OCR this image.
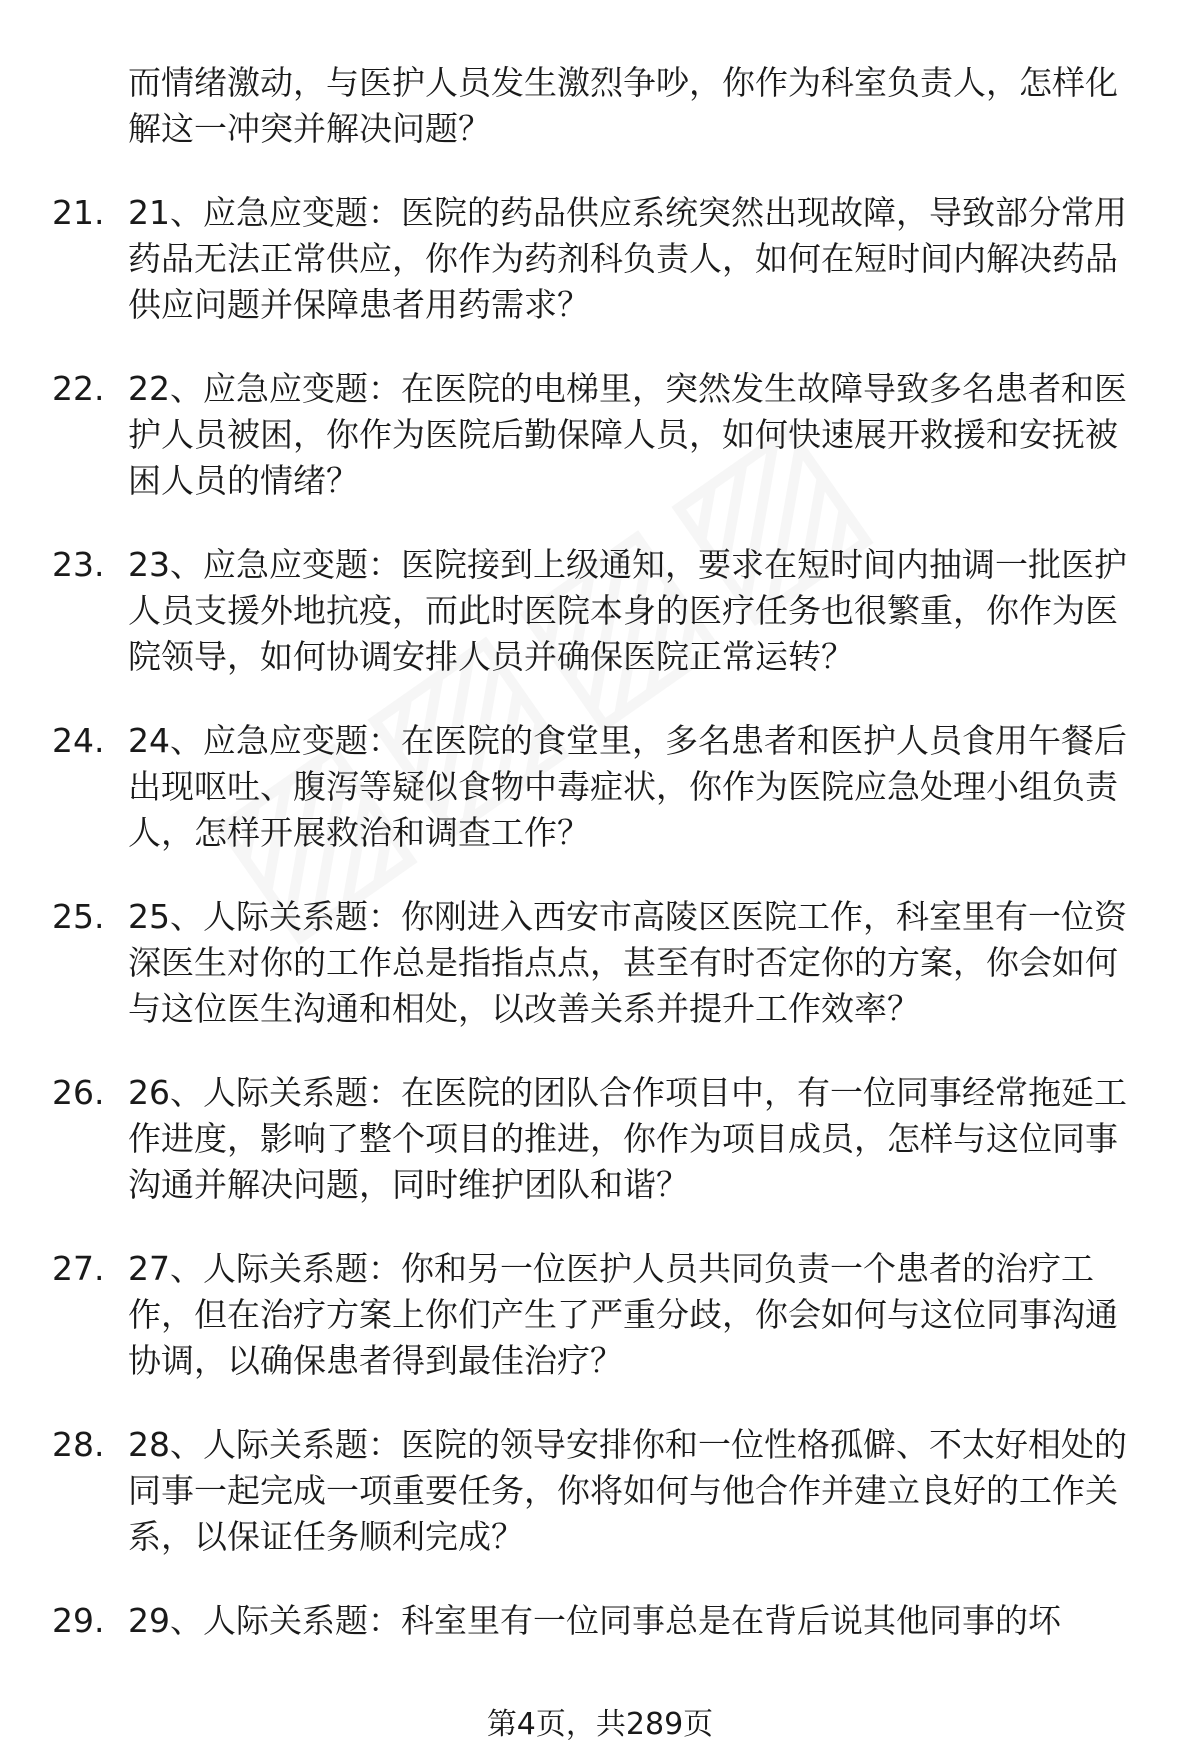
而情绪激动，与医护人员发生激烈争吵，你作为科室负责人，怎样化解这一冲突并解决问题？
21. 21、应急应变题：医院的药品供应系统突然出现故障，导致部分常用药品无法正常供应，你作为药剂科负责人，如何在短时间内解决药品供应问题并保障患者用药需求？
22. 22、应急应变题：在医院的电梯里，突然发生故障导致多名患者和医护人员被困，你作为医院后勤保障人员，如何快速展开救援和安抚被困人员的情绪？
23. 23、应急应变题：医院接到上级通知，要求在短时间内抽调一批医护人员支援外地抗疫，而此时医院本身的医疗任务也很繁重，你作为医院领导，如何协调安排人员并确保医院正常运转？
24. 24、应急应变题：在医院的食堂里，多名患者和医护人员食用午餐后出现呕吐、腹泻等疑似食物中毒症状，你作为医院应急处理小组负责人，怎样开展救治和调查工作？
25. 25、人际关系题：你刚进入西安市高陵区医院工作，科室里有一位资深医生对你的工作总是指指点点，甚至有时否定你的方案，你会如何与这位医生沟通和相处，以改善关系并提升工作效率？
26. 26、人际关系题：在医院的团队合作项目中，有一位同事经常拖延工作进度，影响了整个项目的推进，你作为项目成员，怎样与这位同事沟通并解决问题，同时维护团队和谐？
27. 27、人际关系题：你和另一位医护人员共同负责一个患者的治疗工作，但在治疗方案上你们产生了严重分歧，你会如何与这位同事沟通协调，以确保患者得到最佳治疗？
28. 28、人际关系题：医院的领导安排你和一位性格孤僻、不太好相处的同事一起完成一项重要任务，你将如何与他合作并建立良好的工作关系，以保证任务顺利完成？
29. 29、人际关系题：科室里有一位同事总是在背后说其他同事的坏
第4页，共289页
